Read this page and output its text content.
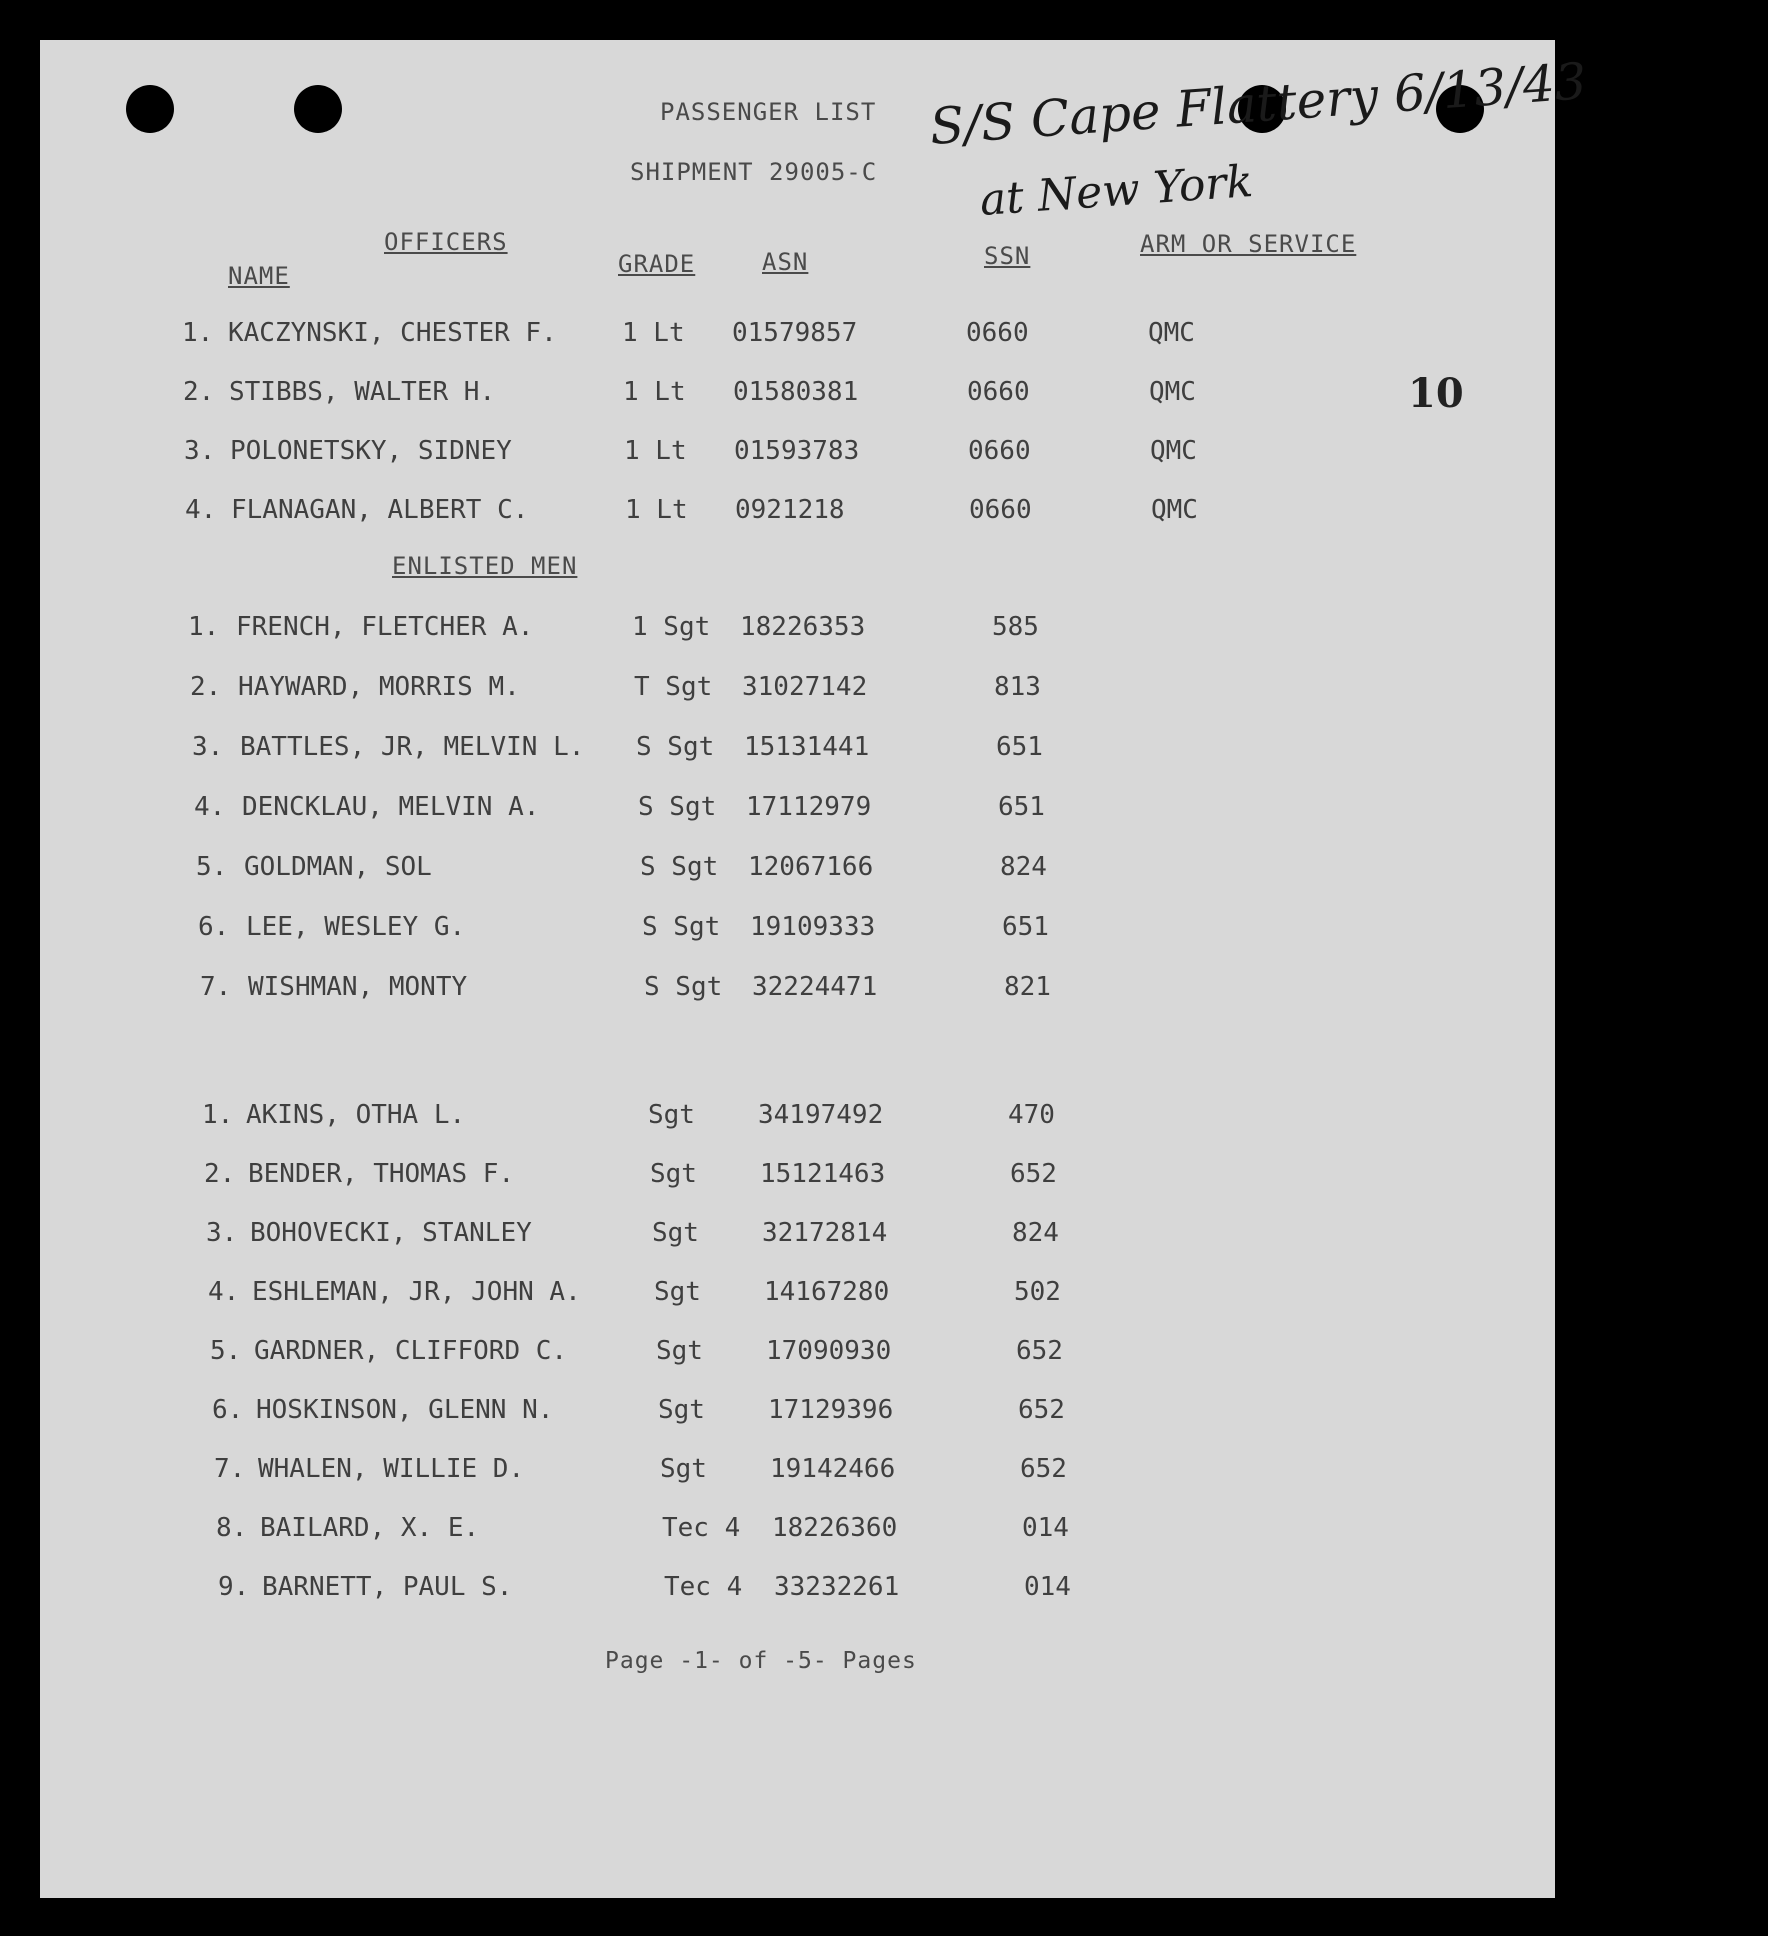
PASSENGER LIST
SHIPMENT 29005-C
S/S Cape Flattery 6/13/43
at New York
10
OFFICERS
NAME	GRADE	ASN	SSN	ARM OR SERVICE
1. KACZYNSKI, CHESTER F.	1 Lt 01579857	0660	QMC
2. STIBBS, WALTER H.	1 Lt 01580381	0660	QMC
3. POLONETSKY, SIDNEY	1 Lt 01593783	0660	QMC
4. FLANAGAN, ALBERT C.	1 Lt 0921218	0660	QMC
ENLISTED MEN
1. FRENCH, FLETCHER A.	1 Sgt 18226353	585
2. HAYWARD, MORRIS M.	T Sgt 31027142	813
3. BATTLES, JR, MELVIN L. S Sgt 15131441	651
4. DENCKLAU, MELVIN A.	S Sgt 17112979	651
5. GOLDMAN, SOL	S Sgt 12067166	824
6. LEE, WESLEY G.	S Sgt 19109333	651
7. WISHMAN, MONTY	S Sgt 32224471	821
1. AKINS, OTHA L.	Sgt 34197492	470
2. BENDER, THOMAS F.	Sgt 15121463	652
3. BOHOVECKI, STANLEY	Sgt 32172814	824
4. ESHLEMAN, JR, JOHN A.	Sgt 14167280	502
5. GARDNER, CLIFFORD C.	Sgt 17090930	652
6. HOSKINSON, GLENN N.	Sgt 17129396	652
7. WHALEN, WILLIE D.	Sgt 19142466	652
8. BAILARD, X. E.	Tec 4 18226360	014
9. BARNETT, PAUL S.	Tec 4 33232261	014
Page -1- of -5- Pages
